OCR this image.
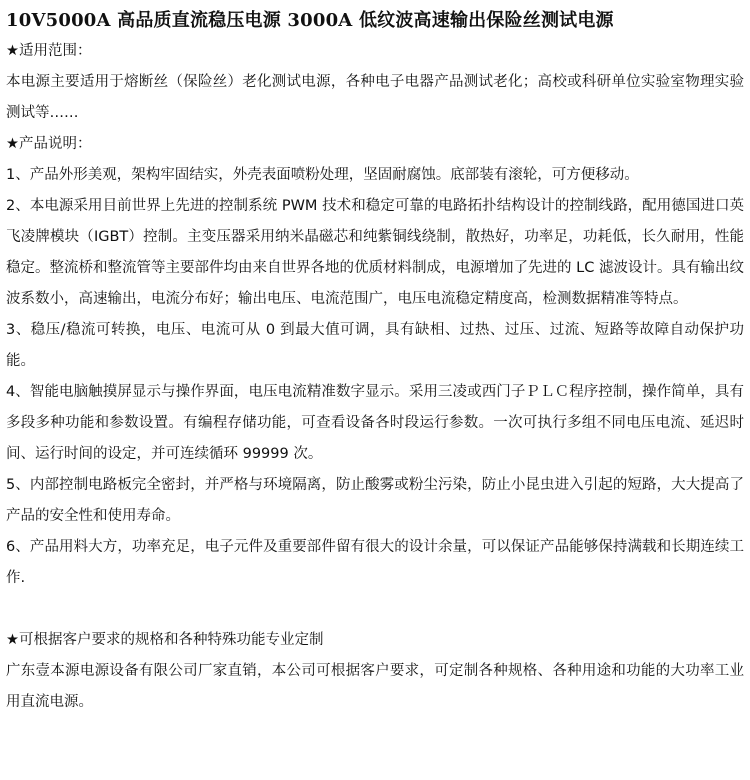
10V5000A 高品质直流稳压电源 3000A 低纹波高速输出保险丝测试电源
★适用范围：

本电源主要适用于熔断丝（保险丝）老化测试电源，各种电子电器产品测试老化；高校或科研单位实验室物理实验测试等……

★产品说明：

1、产品外形美观，架构牢固结实，外壳表面喷粉处理，坚固耐腐蚀。底部装有滚轮，可方便移动。

2、本电源采用目前世界上先进的控制系统 PWM 技术和稳定可靠的电路拓扑结构设计的控制线路，配用德国进口英飞凌牌模块（IGBT）控制。主变压器采用纳米晶磁芯和纯紫铜线绕制，散热好，功率足，功耗低，长久耐用，性能稳定。整流桥和整流管等主要部件均由来自世界各地的优质材料制成，电源增加了先进的 LC 滤波设计。具有输出纹波系数小，高速输出，电流分布好；输出电压、电流范围广，电压电流稳定精度高，检测数据精准等特点。

3、稳压/稳流可转换，电压、电流可从 0 到最大值可调，具有缺相、过热、过压、过流、短路等故障自动保护功能。

4、智能电脑触摸屏显示与操作界面，电压电流精准数字显示。采用三凌或西门子ＰＬＣ程序控制，操作简单，具有多段多种功能和参数设置。有编程存储功能，可查看设备各时段运行参数。一次可执行多组不同电压电流、延迟时间、运行时间的设定，并可连续循环 99999 次。

5、内部控制电路板完全密封，并严格与环境隔离，防止酸雾或粉尘污染，防止小昆虫进入引起的短路，大大提高了产品的安全性和使用寿命。

6、产品用料大方，功率充足，电子元件及重要部件留有很大的设计余量，可以保证产品能够保持满载和长期连续工作.

★可根据客户要求的规格和各种特殊功能专业定制

广东壹本源电源设备有限公司厂家直销，本公司可根据客户要求，可定制各种规格、各种用途和功能的大功率工业用直流电源。
